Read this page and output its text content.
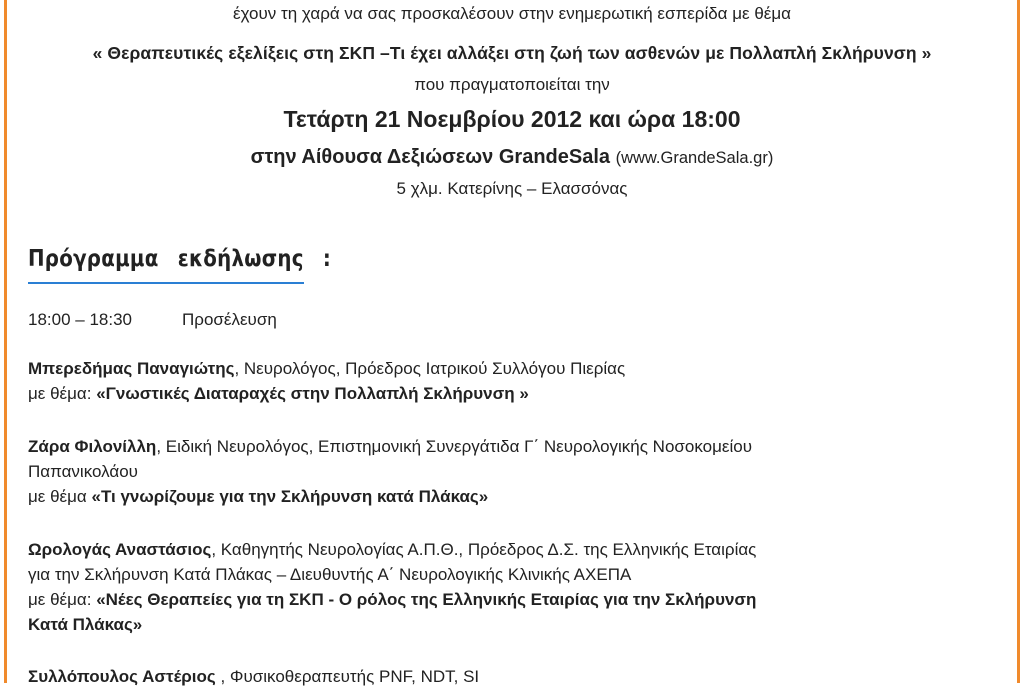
έχουν τη χαρά να σας προσκαλέσουν στην ενημερωτική εσπερίδα με θέμα
« Θεραπευτικές εξελίξεις στη ΣΚΠ –Τι έχει αλλάξει στη ζωή των ασθενών με Πολλαπλή Σκλήρυνση »
που πραγματοποιείται την
Τετάρτη 21 Νοεμβρίου 2012 και ώρα 18:00
στην Αίθουσα Δεξιώσεων GrandeSala (www.GrandeSala.gr)
5 χλμ. Κατερίνης – Ελασσόνας
Πρόγραμμα εκδήλωσης :
18:00 – 18:30	Προσέλευση
Μπερεδήμας Παναγιώτης, Νευρολόγος, Πρόεδρος Ιατρικού Συλλόγου Πιερίας
με θέμα: «Γνωστικές Διαταραχές στην Πολλαπλή Σκλήρυνση »
Ζάρα Φιλονίλλη, Ειδική Νευρολόγος, Επιστημονική Συνεργάτιδα Γ΄ Νευρολογικής Νοσοκομείου
Παπανικολάου
με θέμα «Τι γνωρίζουμε για την Σκλήρυνση κατά Πλάκας»
Ωρολογάς Αναστάσιος, Καθηγητής Νευρολογίας Α.Π.Θ., Πρόεδρος Δ.Σ. της Ελληνικής Εταιρίας
για την Σκλήρυνση Κατά Πλάκας – Διευθυντής Α΄ Νευρολογικής Κλινικής ΑΧΕΠΑ
με θέμα: «Νέες Θεραπείες για τη ΣΚΠ - Ο ρόλος της Ελληνικής Εταιρίας για την Σκλήρυνση
Κατά Πλάκας»
Συλλόπουλος Αστέριος , Φυσικοθεραπευτής PNF, NDT, SI
